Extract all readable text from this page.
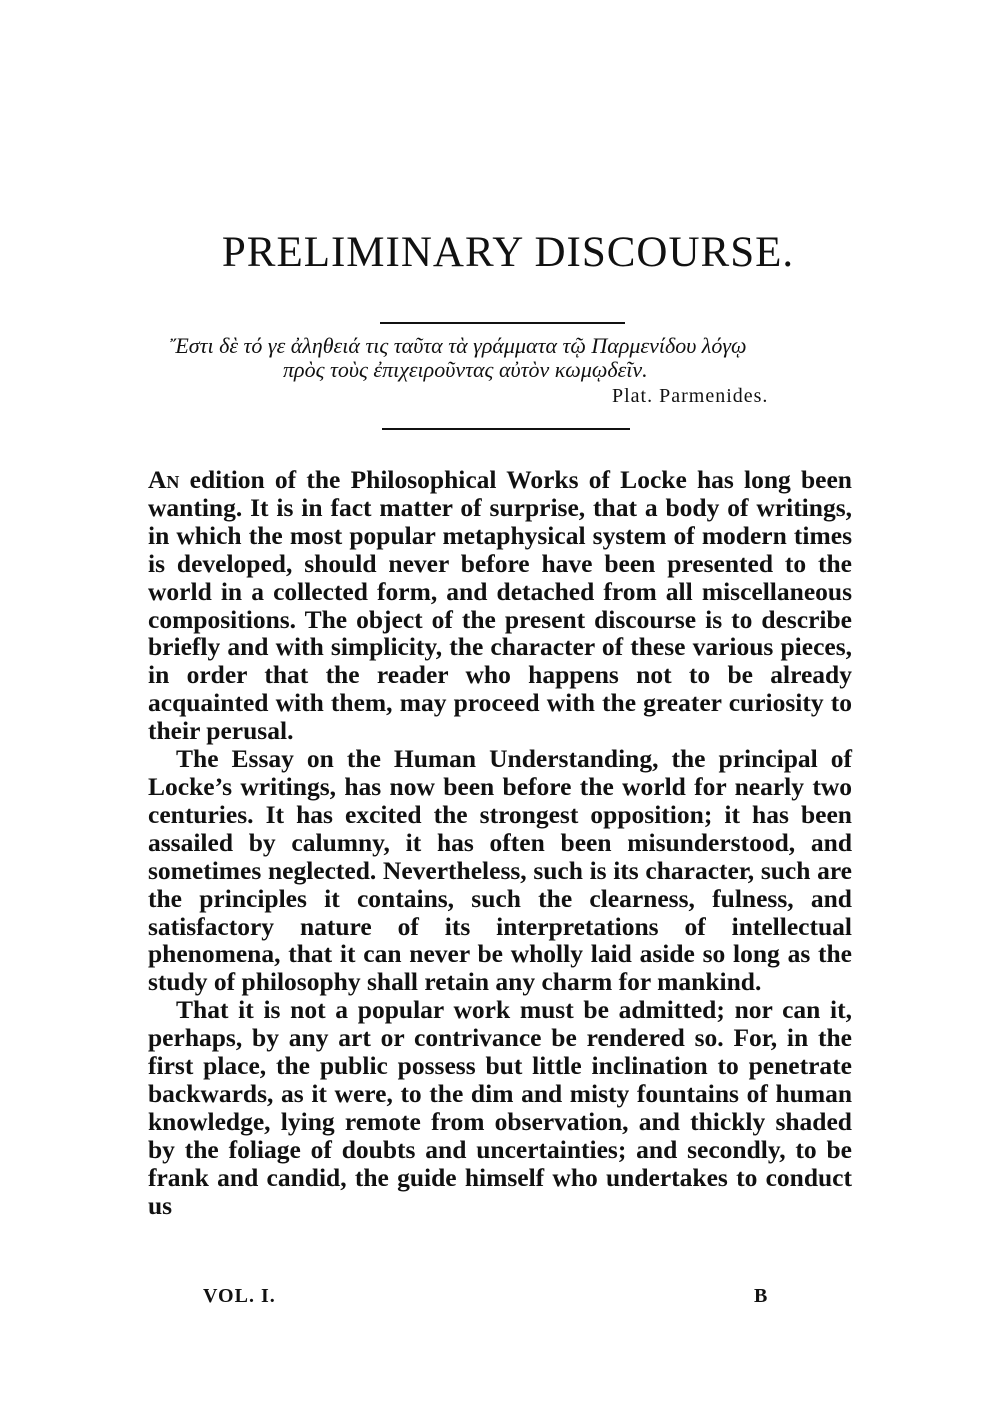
PRELIMINARY DISCOURSE.
Ἔστι δὲ τό γε ἀληθειά τις ταῦτα τὰ γράμματα τῷ Παρμενίδου λόγῳ
πρὸς τοὺς ἐπιχειροῦντας αὐτὸν κωμῳδεῖν.
Plat. Parmenides.

An edition of the Philosophical Works of Locke has long been wanting. It is in fact matter of surprise, that a body of writings, in which the most popular metaphysical system of modern times is developed, should never before have been presented to the world in a collected form, and detached from all miscellaneous compositions. The object of the present discourse is to describe briefly and with simplicity, the character of these various pieces, in order that the reader who happens not to be already acquainted with them, may proceed with the greater curiosity to their perusal.

The Essay on the Human Understanding, the principal of Locke’s writings, has now been before the world for nearly two centuries. It has excited the strongest opposition; it has been assailed by calumny, it has often been misunderstood, and sometimes neglected. Nevertheless, such is its character, such are the principles it contains, such the clearness, fulness, and satisfactory nature of its interpretations of intellectual phenomena, that it can never be wholly laid aside so long as the study of philosophy shall retain any charm for mankind.

That it is not a popular work must be admitted; nor can it, perhaps, by any art or contrivance be rendered so. For, in the first place, the public possess but little inclination to penetrate backwards, as it were, to the dim and misty fountains of human knowledge, lying remote from observation, and thickly shaded by the foliage of doubts and uncertainties; and secondly, to be frank and candid, the guide himself who undertakes to conduct us

VOL. I.	B
